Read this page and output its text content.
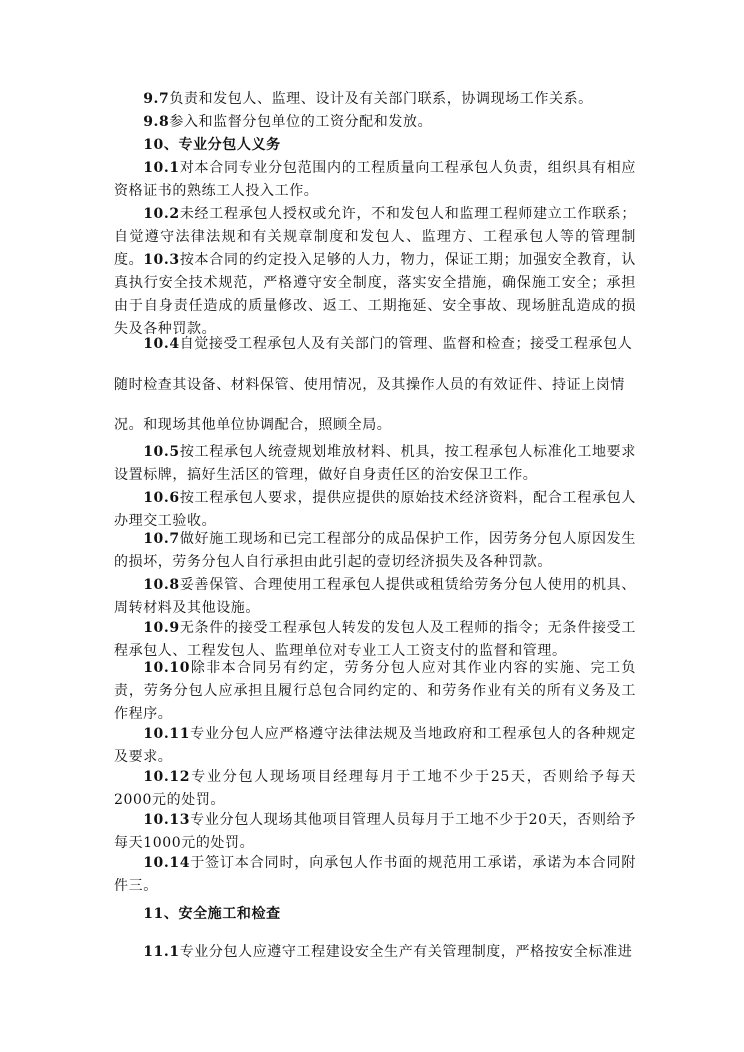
  9.7负责和发包人、监理、设计及有关部门联系，协调现场工作关系。

  9.8参入和监督分包单位的工资分配和发放。

  10、专业分包人义务

  10.1对本合同专业分包范围内的工程质量向工程承包人负责，组织具有相应资格证书的熟练工人投入工作。

  10.2未经工程承包人授权或允许，不和发包人和监理工程师建立工作联系；自觉遵守法律法规和有关规章制度和发包人、监理方、工程承包人等的管理制度。

   10.3按本合同的约定投入足够的人力，物力，保证工期；加强安全教育，认真执行安全技术规范，严格遵守安全制度，落实安全措施，确保施工安全；承担由于自身责任造成的质量修改、返工、工期拖延、安全事故、现场脏乱造成的损失及各种罚款。

  10.4自觉接受工程承包人及有关部门的管理、监督和检查；接受工程承包人

随时检查其设备、材料保管、使用情况，及其操作人员的有效证件、持证上岗情

况。和现场其他单位协调配合，照顾全局。

  10.5按工程承包人统壹规划堆放材料、机具，按工程承包人标准化工地要求设置标牌，搞好生活区的管理，做好自身责任区的治安保卫工作。

  10.6按工程承包人要求，提供应提供的原始技术经济资料，配合工程承包人办理交工验收。

  10.7做好施工现场和已完工程部分的成品保护工作，因劳务分包人原因发生的损坏，劳务分包人自行承担由此引起的壹切经济损失及各种罚款。

  10.8妥善保管、合理使用工程承包人提供或租赁给劳务分包人使用的机具、周转材料及其他设施。

  10.9无条件的接受工程承包人转发的发包人及工程师的指令；无条件接受工程承包人、工程发包人、监理单位对专业工人工资支付的监督和管理。

  10.10除非本合同另有约定，劳务分包人应对其作业内容的实施、完工负责，劳务分包人应承担且履行总包合同约定的、和劳务作业有关的所有义务及工作程序。

  10.11专业分包人应严格遵守法律法规及当地政府和工程承包人的各种规定及要求。

  10.12专业分包人现场项目经理每月于工地不少于25天，否则给予每天2000元的处罚。

  10.13专业分包人现场其他项目管理人员每月于工地不少于20天，否则给予每天1000元的处罚。

  10.14于签订本合同时，向承包人作书面的规范用工承诺，承诺为本合同附件三。

  11、安全施工和检查

  11.1专业分包人应遵守工程建设安全生产有关管理制度，严格按安全标准进
